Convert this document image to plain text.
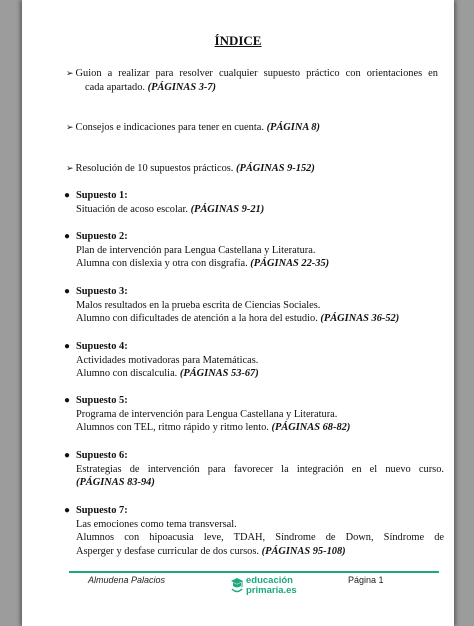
ÍNDICE
➢ Guion a realizar para resolver cualquier supuesto práctico con orientaciones en
cada apartado. (PÁGINAS 3-7)
➢ Consejos e indicaciones para tener en cuenta. (PÁGINA 8)
➢ Resolución de 10 supuestos prácticos. (PÁGINAS 9-152)
● Supuesto 1:
Situación de acoso escolar. (PÁGINAS 9-21)
● Supuesto 2:
Plan de intervención para Lengua Castellana y Literatura.
Alumna con dislexia y otra con disgrafía. (PÁGINAS 22-35)
● Supuesto 3:
Malos resultados en la prueba escrita de Ciencias Sociales.
Alumno con dificultades de atención a la hora del estudio. (PÁGINAS 36-52)
● Supuesto 4:
Actividades motivadoras para Matemáticas.
Alumno con discalculia. (PÁGINAS 53-67)
● Supuesto 5:
Programa de intervención para Lengua Castellana y Literatura.
Alumnos con TEL, ritmo rápido y ritmo lento. (PÁGINAS 68-82)
● Supuesto 6:
Estrategias de intervención para favorecer la integración en el nuevo curso.
(PÁGINAS 83-94)
● Supuesto 7:
Las emociones como tema transversal.
Alumnos con hipoacusia leve, TDAH, Síndrome de Down, Síndrome de
Asperger y desfase curricular de dos cursos. (PÁGINAS 95-108)
Almudena Palacios	educación
primaria.es
Página 1
